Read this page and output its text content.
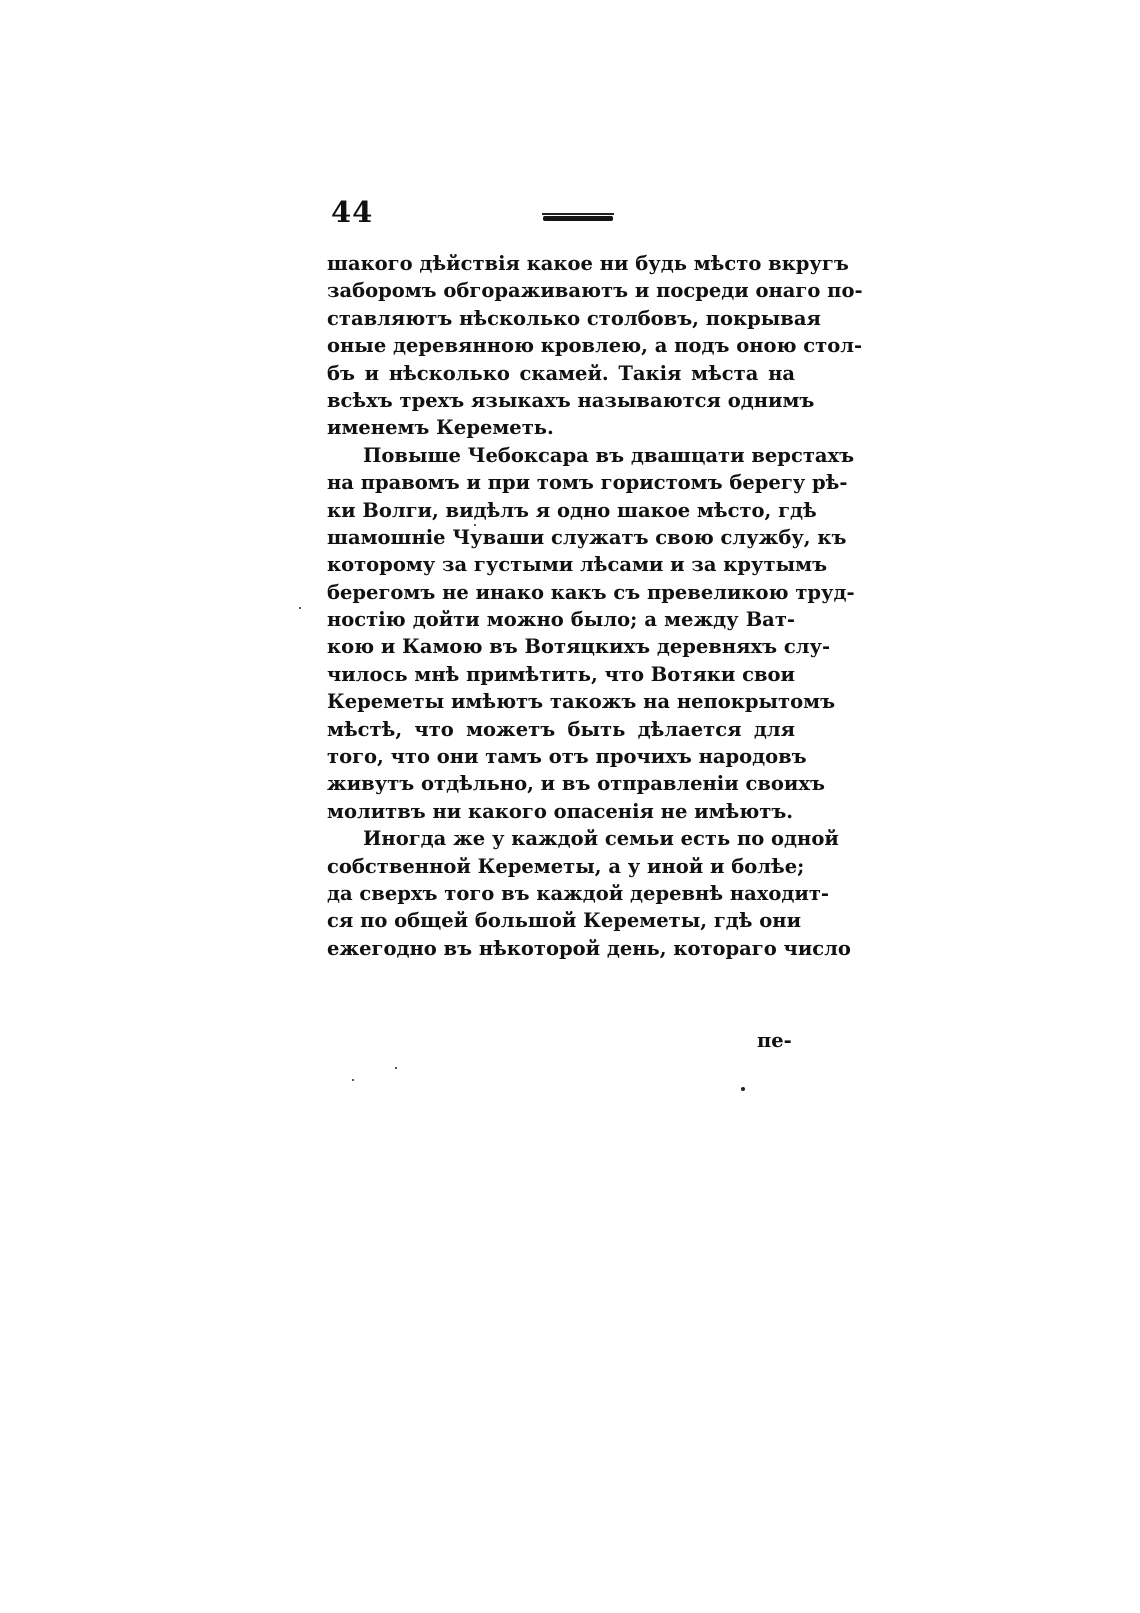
44
шакого дѣйствія какое ни будь мѣсто вкругъ
заборомъ обгораживаютъ и посреди онаго по-
ставляютъ нѣсколько столбовъ, покрывая
оные деревянною кровлею, а подъ оною стол-
бъ и нѣсколько скамей. Такія мѣста на
всѣхъ трехъ языкахъ называются однимъ
именемъ Кереметь.
Повыше Чебоксара въ двашцати верстахъ
на правомъ и при томъ гористомъ берегу рѣ-
ки Волги, видѣлъ я одно шакое мѣсто, гдѣ
шамошніе Чуваши служатъ свою службу, къ
которому за густыми лѣсами и за крутымъ
берегомъ не инако какъ съ превеликою труд-
ностію дойти можно было; а между Ват-
кою и Камою въ Вотяцкихъ деревняхъ слу-
чилось мнѣ примѣтить, что Вотяки свои
Кереметы имѣютъ такожъ на непокрытомъ
мѣстѣ, что можетъ быть дѣлается для
того, что они тамъ отъ прочихъ народовъ
живутъ отдѣльно, и въ отправленіи своихъ
молитвъ ни какого опасенія не имѣютъ.
Иногда же у каждой семьи есть по одной
собственной Кереметы, а у иной и болѣе;
да сверхъ того въ каждой деревнѣ находит-
ся по общей большой Кереметы, гдѣ они
ежегодно въ нѣкоторой день, котораго число
пе-
